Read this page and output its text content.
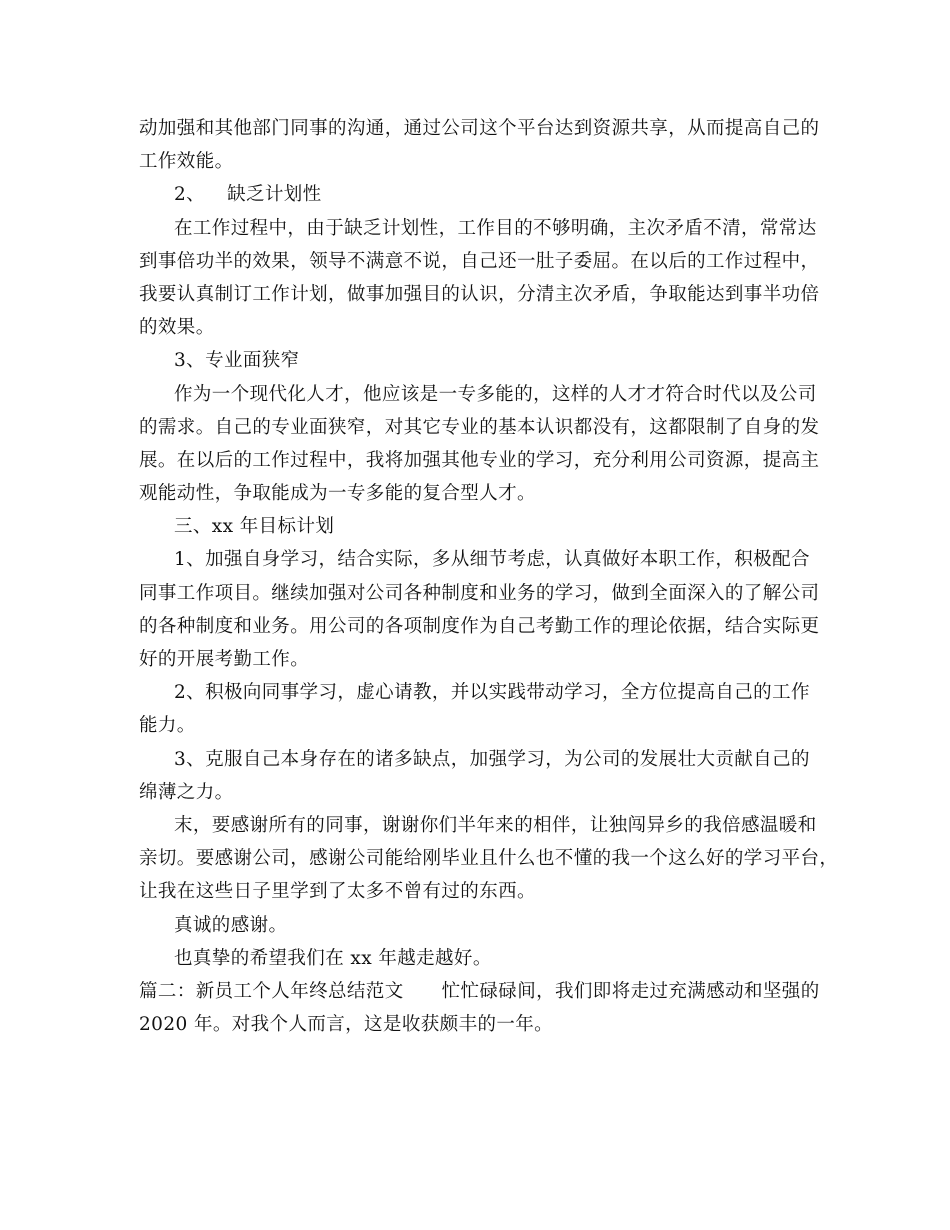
动加强和其他部门同事的沟通，通过公司这个平台达到资源共享，从而提高自己的
工作效能。
2、 缺乏计划性
在工作过程中，由于缺乏计划性，工作目的不够明确，主次矛盾不清，常常达
到事倍功半的效果，领导不满意不说，自己还一肚子委屈。在以后的工作过程中，
我要认真制订工作计划，做事加强目的认识，分清主次矛盾，争取能达到事半功倍
的效果。
3、专业面狭窄
作为一个现代化人才，他应该是一专多能的，这样的人才才符合时代以及公司
的需求。自己的专业面狭窄，对其它专业的基本认识都没有，这都限制了自身的发
展。在以后的工作过程中，我将加强其他专业的学习，充分利用公司资源，提高主
观能动性，争取能成为一专多能的复合型人才。
三、xx 年目标计划
1、加强自身学习，结合实际，多从细节考虑，认真做好本职工作，积极配合
同事工作项目。继续加强对公司各种制度和业务的学习，做到全面深入的了解公司
的各种制度和业务。用公司的各项制度作为自己考勤工作的理论依据，结合实际更
好的开展考勤工作。
2、积极向同事学习，虚心请教，并以实践带动学习，全方位提高自己的工作
能力。
3、克服自己本身存在的诸多缺点，加强学习，为公司的发展壮大贡献自己的
绵薄之力。
末，要感谢所有的同事，谢谢你们半年来的相伴，让独闯异乡的我倍感温暖和
亲切。要感谢公司，感谢公司能给刚毕业且什么也不懂的我一个这么好的学习平台，
让我在这些日子里学到了太多不曾有过的东西。
真诚的感谢。
也真挚的希望我们在 xx 年越走越好。
篇二：新员工个人年终总结范文 忙忙碌碌间，我们即将走过充满感动和坚强的
2020 年。对我个人而言，这是收获颇丰的一年。
